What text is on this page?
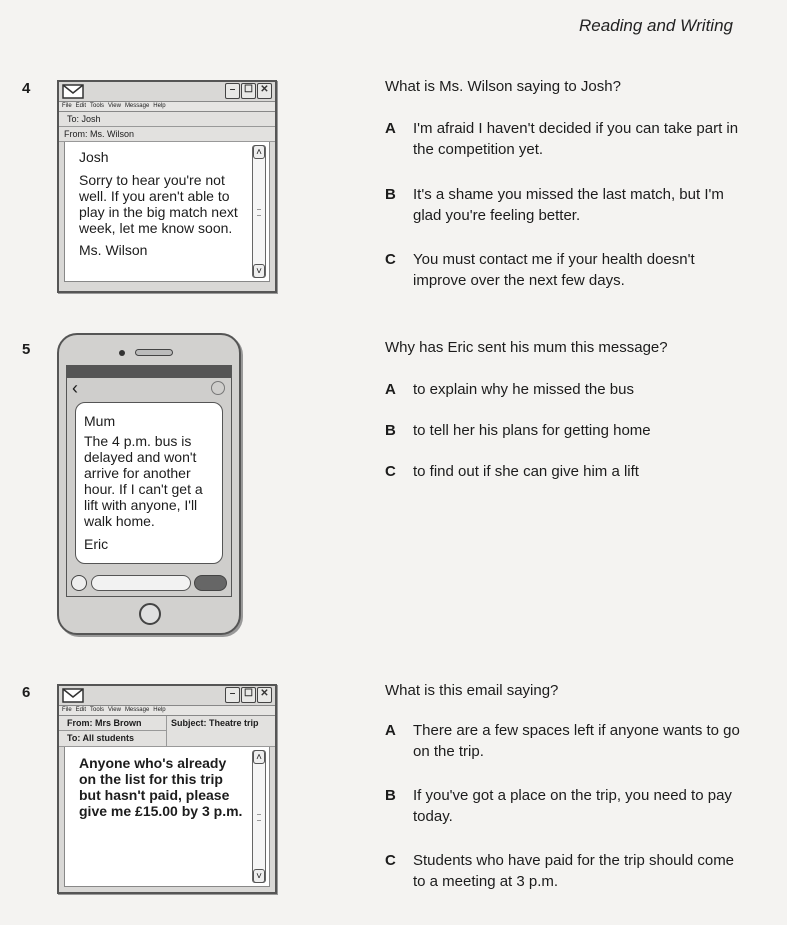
Reading and Writing
4	– ☐ ✕
File Edit Tools View Message Help
To: Josh
From: Ms. Wilson
Josh
Sorry to hear you're not well. If you aren't able to play in the big match next week, let me know soon.
Ms. Wilson
˄
˅
What is Ms. Wilson saying to Josh?
A	I'm afraid I haven't decided if you can take part in the competition yet.
B	It's a shame you missed the last match, but I'm glad you're feeling better.
C	You must contact me if your health doesn't improve over the next few days.
5
‹
Mum
The 4 p.m. bus is delayed and won't arrive for another hour. If I can't get a lift with anyone, I'll walk home.
Eric
Why has Eric sent his mum this message?
A	to explain why he missed the bus
B	to tell her his plans for getting home
C	to find out if she can give him a lift
6	– ☐ ✕
File Edit Tools View Message Help
From: Mrs Brown
To: All students
Subject: Theatre trip
Anyone who's already on the list for this trip but hasn't paid, please give me £15.00 by 3 p.m.
˄
˅
What is this email saying?
A	There are a few spaces left if anyone wants to go on the trip.
B	If you've got a place on the trip, you need to pay today.
C	Students who have paid for the trip should come to a meeting at 3 p.m.
